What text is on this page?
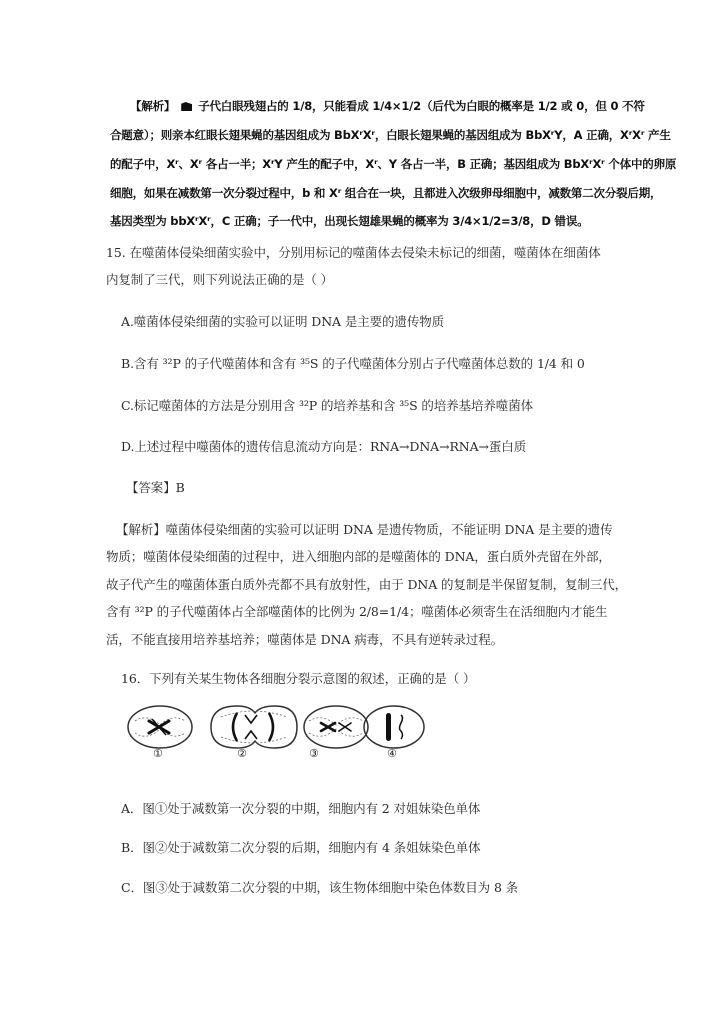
【解析】 子代白眼残翅占的 1/8，只能看成 1/4×1/2（后代为白眼的概率是 1/2 或 0，但 0 不符
合题意）；则亲本红眼长翅果蝇的基因组成为 BbXʳXʳ，白眼长翅果蝇的基因组成为 BbXʳY，A 正确，XʳXʳ 产生
的配子中，Xʳ、Xʳ 各占一半；XʳY 产生的配子中，Xʳ、Y 各占一半，B 正确；基因组成为 BbXʳXʳ 个体中的卵原
细胞，如果在减数第一次分裂过程中，b 和 Xʳ 组合在一块，且都进入次级卵母细胞中，减数第二次分裂后期，
基因类型为 bbXʳXʳ，C 正确；子一代中，出现长翅雄果蝇的概率为 3/4×1/2=3/8，D 错误。
15. 在噬菌体侵染细菌实验中，分别用标记的噬菌体去侵染未标记的细菌，噬菌体在细菌体
内复制了三代，则下列说法正确的是（ ）
A.噬菌体侵染细菌的实验可以证明 DNA 是主要的遗传物质
B.含有 ³²P 的子代噬菌体和含有 ³⁵S 的子代噬菌体分别占子代噬菌体总数的 1/4 和 0
C.标记噬菌体的方法是分别用含 ³²P 的培养基和含 ³⁵S 的培养基培养噬菌体
D.上述过程中噬菌体的遗传信息流动方向是：RNA→DNA→RNA→蛋白质
【答案】B
【解析】噬菌体侵染细菌的实验可以证明 DNA 是遗传物质，不能证明 DNA 是主要的遗传
物质；噬菌体侵染细菌的过程中，进入细胞内部的是噬菌体的 DNA，蛋白质外壳留在外部，
故子代产生的噬菌体蛋白质外壳都不具有放射性，由于 DNA 的复制是半保留复制，复制三代，
含有 ³²P 的子代噬菌体占全部噬菌体的比例为 2/8=1/4；噬菌体必须寄生在活细胞内才能生
活，不能直接用培养基培养；噬菌体是 DNA 病毒，不具有逆转录过程。
16．下列有关某生物体各细胞分裂示意图的叙述，正确的是（ ）
①	②	③	④
A．图①处于减数第一次分裂的中期，细胞内有 2 对姐妹染色单体
B．图②处于减数第二次分裂的后期，细胞内有 4 条姐妹染色单体
C．图③处于减数第二次分裂的中期，该生物体细胞中染色体数目为 8 条
